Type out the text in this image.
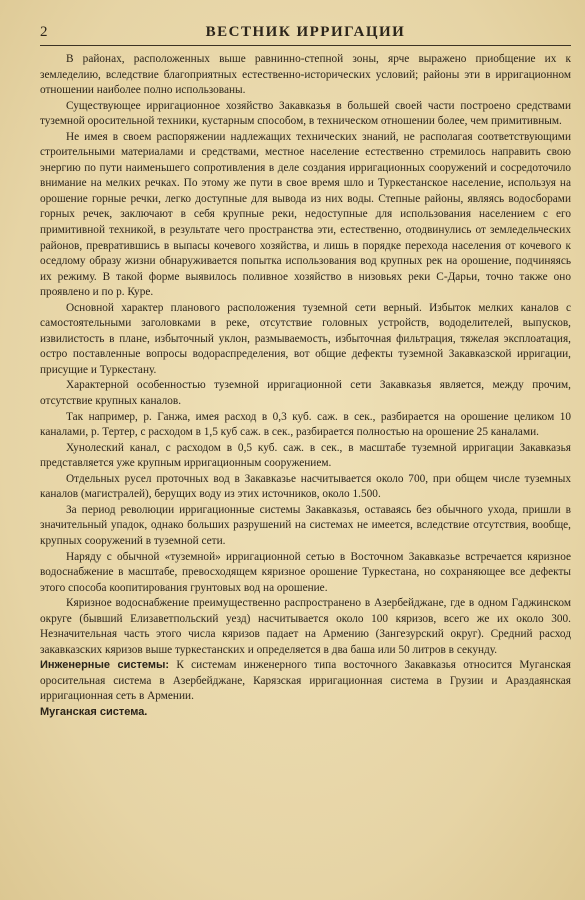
2	ВЕСТНИК ИРРИГАЦИИ

В районах, расположенных выше равнинно-степной зоны, ярче выражено приобщение их к земледелию, вследствие благоприятных естественно-исторических условий; районы эти в ирригационном отношении наиболее полно использованы.

Существующее ирригационное хозяйство Закавказья в большей своей части построено средствами туземной оросительной техники, кустарным способом, в техническом отношении более, чем примитивным.

Не имея в своем распоряжении надлежащих технических знаний, не располагая соответствующими строительными материалами и средствами, местное население естественно стремилось направить свою энергию по пути наименьшего сопротивления в деле создания ирригационных сооружений и сосредоточило внимание на мелких речках. По этому же пути в свое время шло и Туркестанское население, используя на орошение горные речки, легко доступные для вывода из них воды. Степные районы, являясь водосборами горных речек, заключают в себя крупные реки, недоступные для использования населением с его примитивной техникой, в результате чего пространства эти, естественно, отодвинулись от земледельческих районов, превратившись в выпасы кочевого хозяйства, и лишь в порядке перехода населения от кочевого к оседлому образу жизни обнаруживается попытка использования вод крупных рек на орошение, подчиняясь их режиму. В такой форме выявилось поливное хозяйство в низовьях реки С-Дарьи, точно также оно проявлено и по р. Куре.

Основной характер планового расположения туземной сети верный. Избыток мелких каналов с самостоятельными заголовками в реке, отсутствие головных устройств, вододелителей, выпусков, извилистость в плане, избыточный уклон, размываемость, избыточная фильтрация, тяжелая эксплоатация, остро поставленные вопросы водораспределения, вот общие дефекты туземной Закавказской ирригации, присущие и Туркестану.

Характерной особенностью туземной ирригационной сети Закавказья является, между прочим, отсутствие крупных каналов.

Так например, р. Ганжа, имея расход в 0,3 куб. саж. в сек., разбирается на орошение целиком 10 каналами, р. Тертер, с расходом в 1,5 куб саж. в сек., разбирается полностью на орошение 25 каналами.

Хунолеский канал, с расходом в 0,5 куб. саж. в сек., в масштабе туземной ирригации Закавказья представляется уже крупным ирригационным сооружением.

Отдельных русел проточных вод в Закавказье насчитывается около 700, при общем числе туземных каналов (магистралей), берущих воду из этих источников, около 1.500.

За период революции ирригационные системы Закавказья, оставаясь без обычного ухода, пришли в значительный упадок, однако больших разрушений на системах не имеется, вследствие отсутствия, вообще, крупных сооружений в туземной сети.

Наряду с обычной «туземной» ирригационной сетью в Восточном Закавказье встречается кяризное водоснабжение в масштабе, превосходящем кяризное орошение Туркестана, но сохраняющее все дефекты этого способа коопитирования грунтовых вод на орошение.

Кяризное водоснабжение преимущественно распространено в Азербейджане, где в одном Гаджинском округе (бывший Елизаветпольский уезд) насчитывается около 100 кяризов, всего же их около 300. Незначительная часть этого числа кяризов падает на Армению (Зангезурский округ). Средний расход закавказских кяризов выше туркестанских и определяется в два баша или 50 литров в секунду.

Инженерные системы: К системам инженерного типа восточного Закавказья относится Муганская оросительная система в Азербейджане, Карязская ирригационная система в Грузии и Араздаянская ирригационная сеть в Армении.

Муганская система.
